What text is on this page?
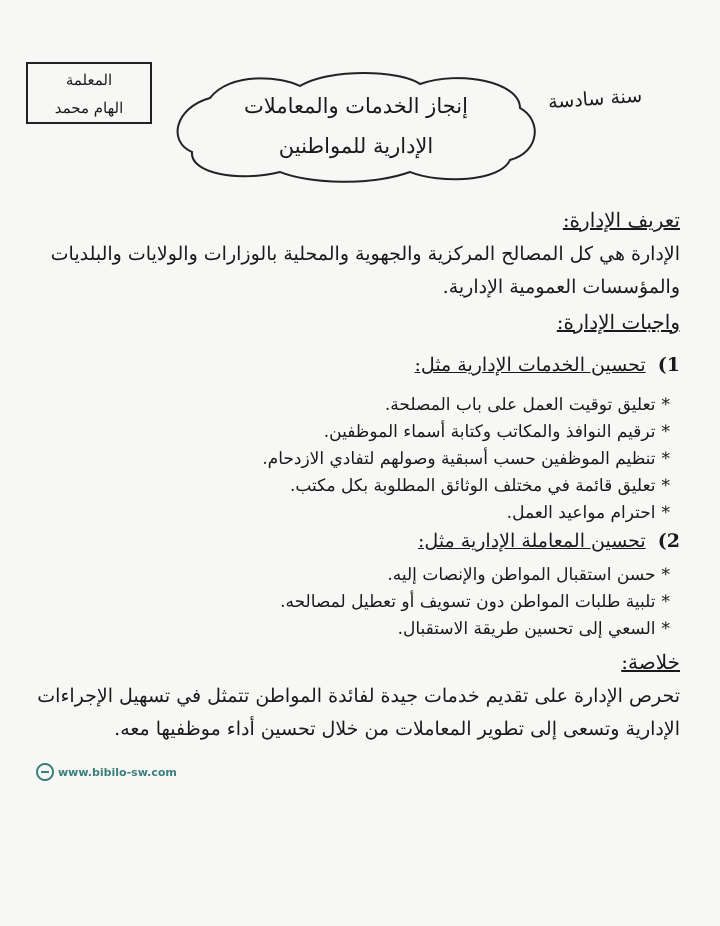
المعلمة
الهام محمد	إنجاز الخدمات والمعاملات
الإدارية للمواطنين
سنة سادسة
تعريف الإدارة:
الإدارة هي كل المصالح المركزية والجهوية والمحلية بالوزارات والولايات والبلديات والمؤسسات العمومية الإدارية.
واجبات الإدارة:
1) تحسين الخدمات الإدارية مثل:
*تعليق توقيت العمل على باب المصلحة.
*ترقيم النوافذ والمكاتب وكتابة أسماء الموظفين.
*تنظيم الموظفين حسب أسبقية وصولهم لتفادي الازدحام.
*تعليق قائمة في مختلف الوثائق المطلوبة بكل مكتب.
*احترام مواعيد العمل.
2) تحسين المعاملة الإدارية مثل:
*حسن استقبال المواطن والإنصات إليه.
*تلبية طلبات المواطن دون تسويف أو تعطيل لمصالحه.
*السعي إلى تحسين طريقة الاستقبال.
خلاصة:
تحرص الإدارة على تقديم خدمات جيدة لفائدة المواطن تتمثل في تسهيل الإجراءات الإدارية وتسعى إلى تطوير المعاملات من خلال تحسين أداء موظفيها معه.
www.bibilo-sw.com
